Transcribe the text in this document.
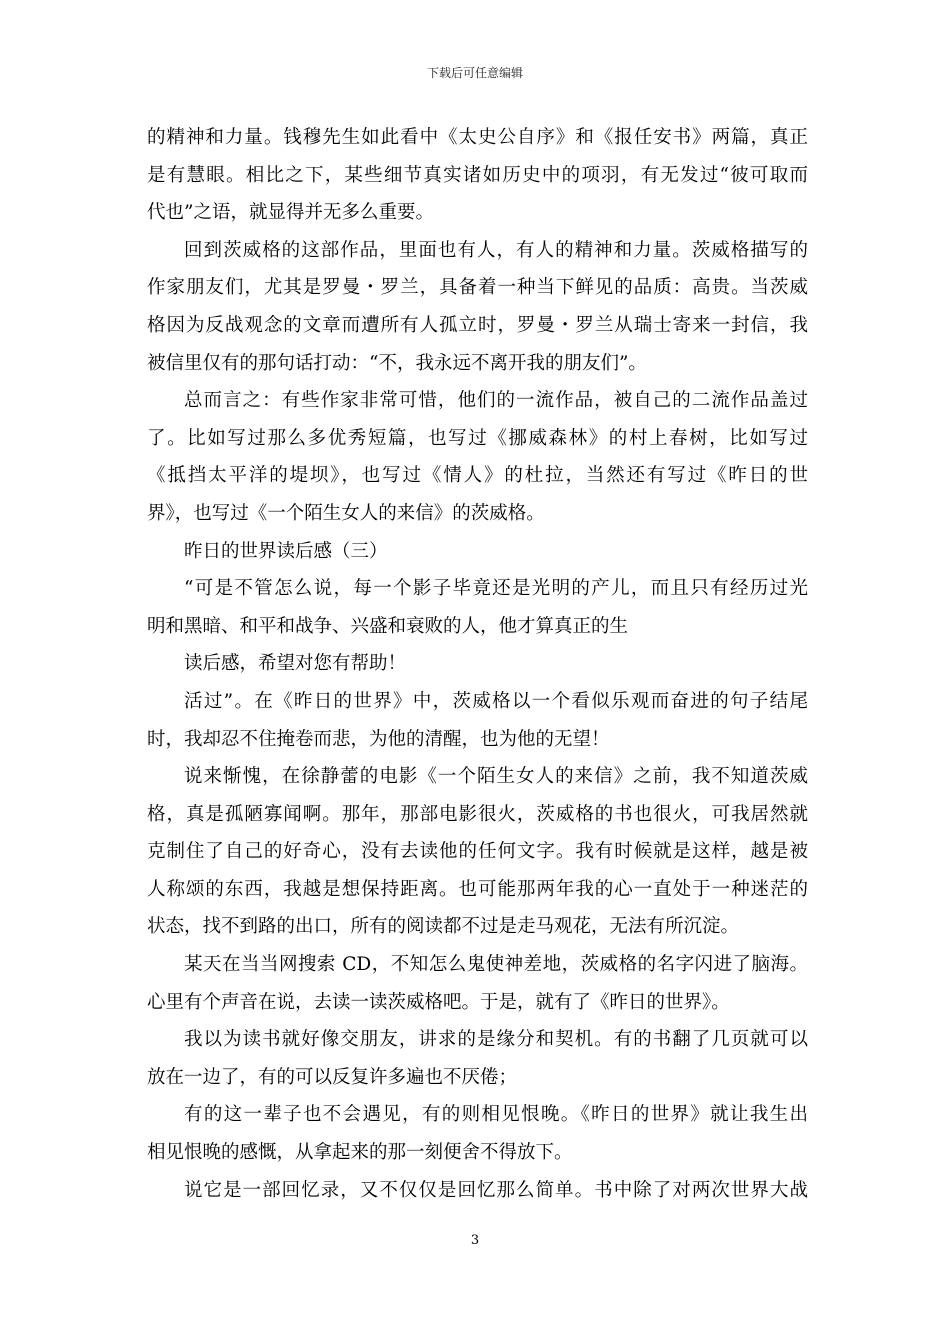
下载后可任意编辑
的精神和力量。钱穆先生如此看中《太史公自序》和《报任安书》两篇，真正
是有慧眼。相比之下，某些细节真实诸如历史中的项羽，有无发过“彼可取而
代也”之语，就显得并无多么重要。
回到茨威格的这部作品，里面也有人，有人的精神和力量。茨威格描写的
作家朋友们，尤其是罗曼・罗兰，具备着一种当下鲜见的品质：高贵。当茨威
格因为反战观念的文章而遭所有人孤立时，罗曼・罗兰从瑞士寄来一封信，我
被信里仅有的那句话打动：“不，我永远不离开我的朋友们”。
总而言之：有些作家非常可惜，他们的一流作品，被自己的二流作品盖过
了。比如写过那么多优秀短篇，也写过《挪威森林》的村上春树，比如写过
《抵挡太平洋的堤坝》，也写过《情人》的杜拉，当然还有写过《昨日的世
界》，也写过《一个陌生女人的来信》的茨威格。
昨日的世界读后感（三）
“可是不管怎么说，每一个影子毕竟还是光明的产儿，而且只有经历过光
明和黑暗、和平和战争、兴盛和衰败的人，他才算真正的生
读后感，希望对您有帮助！
活过”。在《昨日的世界》中，茨威格以一个看似乐观而奋进的句子结尾
时，我却忍不住掩卷而悲，为他的清醒，也为他的无望！
说来惭愧，在徐静蕾的电影《一个陌生女人的来信》之前，我不知道茨威
格，真是孤陋寡闻啊。那年，那部电影很火，茨威格的书也很火，可我居然就
克制住了自己的好奇心，没有去读他的任何文字。我有时候就是这样，越是被
人称颂的东西，我越是想保持距离。也可能那两年我的心一直处于一种迷茫的
状态，找不到路的出口，所有的阅读都不过是走马观花，无法有所沉淀。
某天在当当网搜索 CD，不知怎么鬼使神差地，茨威格的名字闪进了脑海。
心里有个声音在说，去读一读茨威格吧。于是，就有了《昨日的世界》。
我以为读书就好像交朋友，讲求的是缘分和契机。有的书翻了几页就可以
放在一边了，有的可以反复许多遍也不厌倦；
有的这一辈子也不会遇见，有的则相见恨晚。《昨日的世界》就让我生出
相见恨晚的感慨，从拿起来的那一刻便舍不得放下。
说它是一部回忆录，又不仅仅是回忆那么简单。书中除了对两次世界大战
3
